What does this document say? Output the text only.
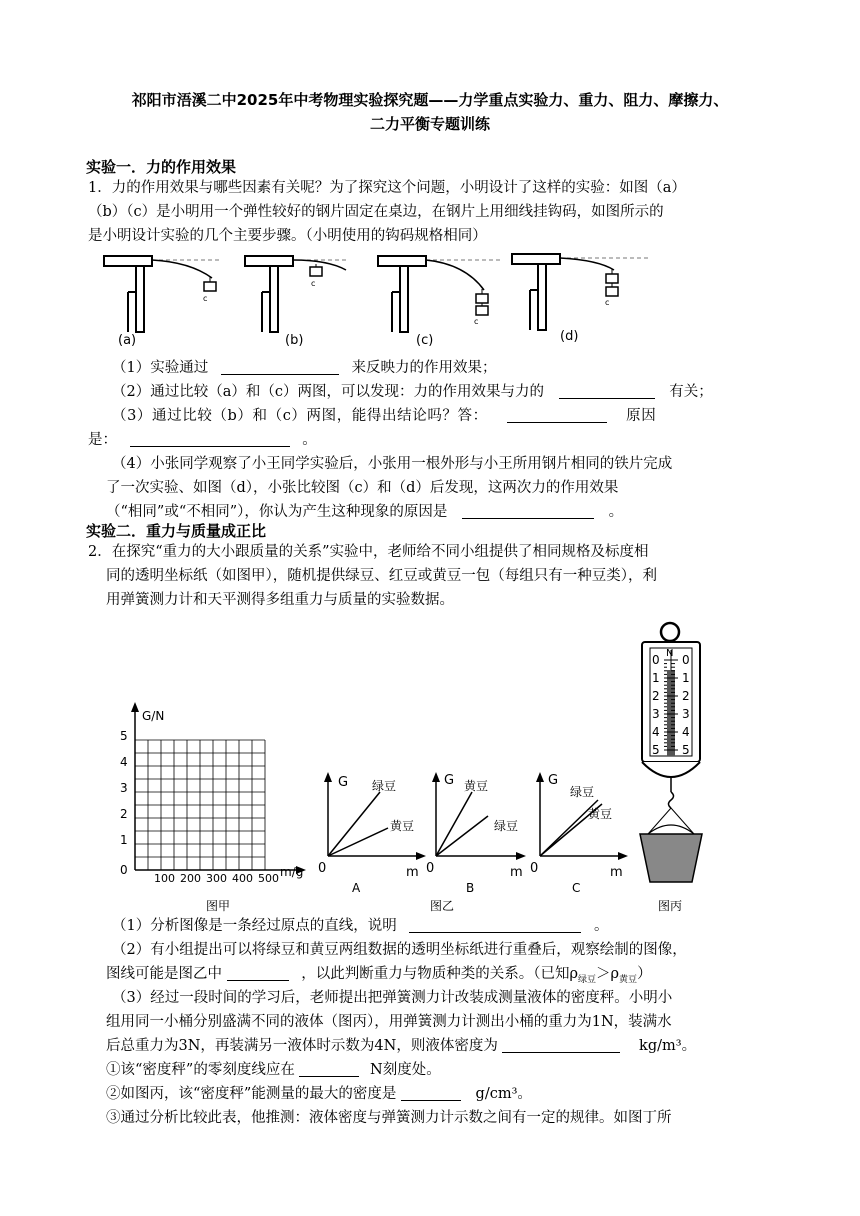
祁阳市浯溪二中2025年中考物理实验探究题——力学重点实验力、重力、阻力、摩擦力、
二力平衡专题训练
实验一．力的作用效果
1．力的作用效果与哪些因素有关呢？为了探究这个问题，小明设计了这样的实验：如图（a）
（b）（c）是小明用一个弹性较好的钢片固定在桌边，在钢片上用细线挂钩码，如图所示的
是小明设计实验的几个主要步骤。（小明使用的钩码规格相同）
c
(a)
c
(b)
c
(c)
c
(d)
（1）实验通过	来反映力的作用效果；
（2）通过比较（a）和（c）两图，可以发现：力的作用效果与力的	有关；
（3）通过比较（b）和（c）两图，能得出结论吗？答：	原因
是：	。
（4）小张同学观察了小王同学实验后，小张用一根外形与小王所用钢片相同的铁片完成
了一次实验、如图（d），小张比较图（c）和（d）后发现，这两次力的作用效果
（“相同”或“不相同”），你认为产生这种现象的原因是	。
实验二．重力与质量成正比
2．在探究“重力的大小跟质量的关系”实验中，老师给不同小组提供了相同规格及标度相
同的透明坐标纸（如图甲），随机提供绿豆、红豆或黄豆一包（每组只有一种豆类），利
用弹簧测力计和天平测得多组重力与质量的实验数据。
G/N
m/g
5
4
3
2
1
0
100 200 300 400 500
图甲
G
0	m
绿豆
黄豆
A
G
0	m
黄豆
绿豆
B
G
0	m
绿豆
黄豆
C
图乙
N
0
1
2
3
4
5
0
1
2
3
4
5
图丙
（1）分析图像是一条经过原点的直线，说明	。
（2）有小组提出可以将绿豆和黄豆两组数据的透明坐标纸进行重叠后，观察绘制的图像，
图线可能是图乙中	，以此判断重力与物质种类的关系。（已知$\rho_{绿豆}>\rho_{黄豆}$）
（3）经过一段时间的学习后，老师提出把弹簧测力计改装成测量液体的密度秤。小明小
组用同一小桶分别盛满不同的液体（图丙），用弹簧测力计测出小桶的重力为1N，装满水
后总重力为3N，再装满另一液体时示数为4N，则液体密度为	kg/m³。
①该“密度秤”的零刻度线应在	N刻度处。
②如图丙，该“密度秤”能测量的最大的密度是	g/cm³。
③通过分析比较此表，他推测：液体密度与弹簧测力计示数之间有一定的规律。如图丁所
